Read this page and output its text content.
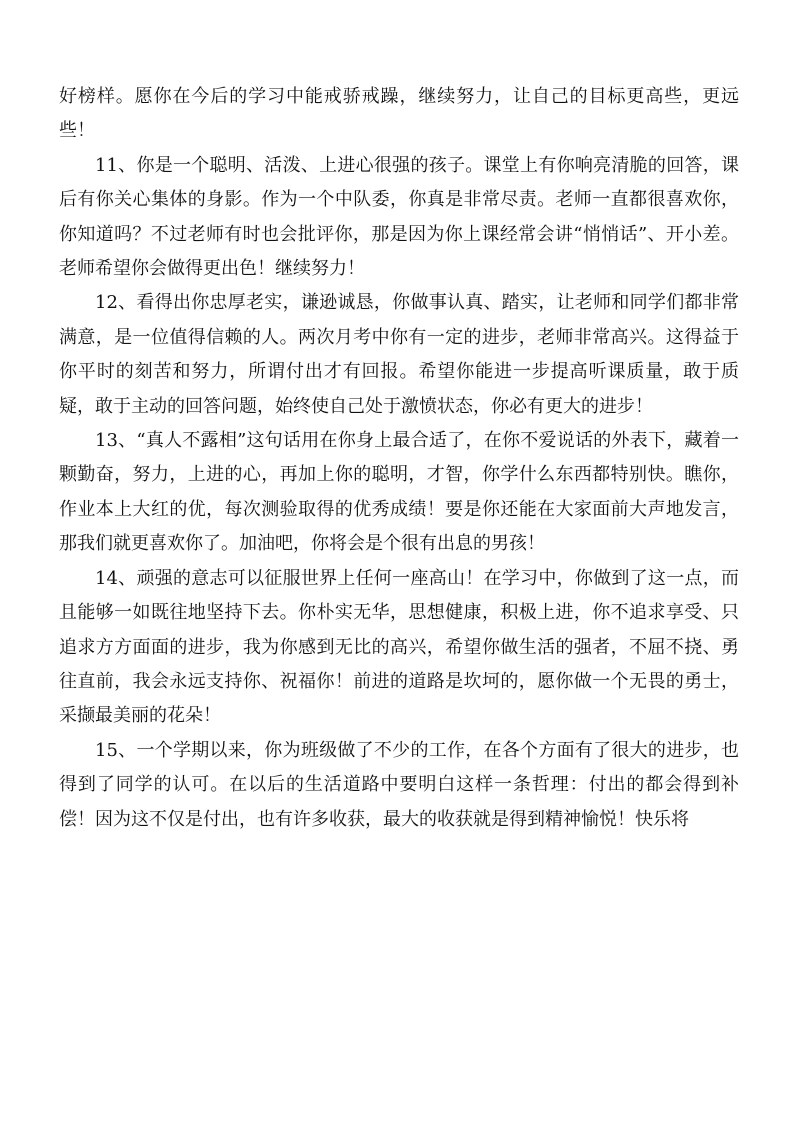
好榜样。愿你在今后的学习中能戒骄戒躁，继续努力，让自己的目标更高些，更远些！

11、你是一个聪明、活泼、上进心很强的孩子。课堂上有你响亮清脆的回答，课后有你关心集体的身影。作为一个中队委，你真是非常尽责。老师一直都很喜欢你，你知道吗？不过老师有时也会批评你，那是因为你上课经常会讲“悄悄话”、开小差。老师希望你会做得更出色！继续努力！

12、看得出你忠厚老实，谦逊诚恳，你做事认真、踏实，让老师和同学们都非常满意，是一位值得信赖的人。两次月考中你有一定的进步，老师非常高兴。这得益于你平时的刻苦和努力，所谓付出才有回报。希望你能进一步提高听课质量，敢于质疑，敢于主动的回答问题，始终使自己处于激愤状态，你必有更大的进步！

13、“真人不露相”这句话用在你身上最合适了，在你不爱说话的外表下，藏着一颗勤奋，努力，上进的心，再加上你的聪明，才智，你学什么东西都特别快。瞧你，作业本上大红的优，每次测验取得的优秀成绩！要是你还能在大家面前大声地发言，那我们就更喜欢你了。加油吧，你将会是个很有出息的男孩！

14、顽强的意志可以征服世界上任何一座高山！在学习中，你做到了这一点，而且能够一如既往地坚持下去。你朴实无华，思想健康，积极上进，你不追求享受、只追求方方面面的进步，我为你感到无比的高兴，希望你做生活的强者，不屈不挠、勇往直前，我会永远支持你、祝福你！前进的道路是坎坷的，愿你做一个无畏的勇士，采撷最美丽的花朵！

15、一个学期以来，你为班级做了不少的工作，在各个方面有了很大的进步，也得到了同学的认可。在以后的生活道路中要明白这样一条哲理：付出的都会得到补偿！因为这不仅是付出，也有许多收获，最大的收获就是得到精神愉悦！快乐将
